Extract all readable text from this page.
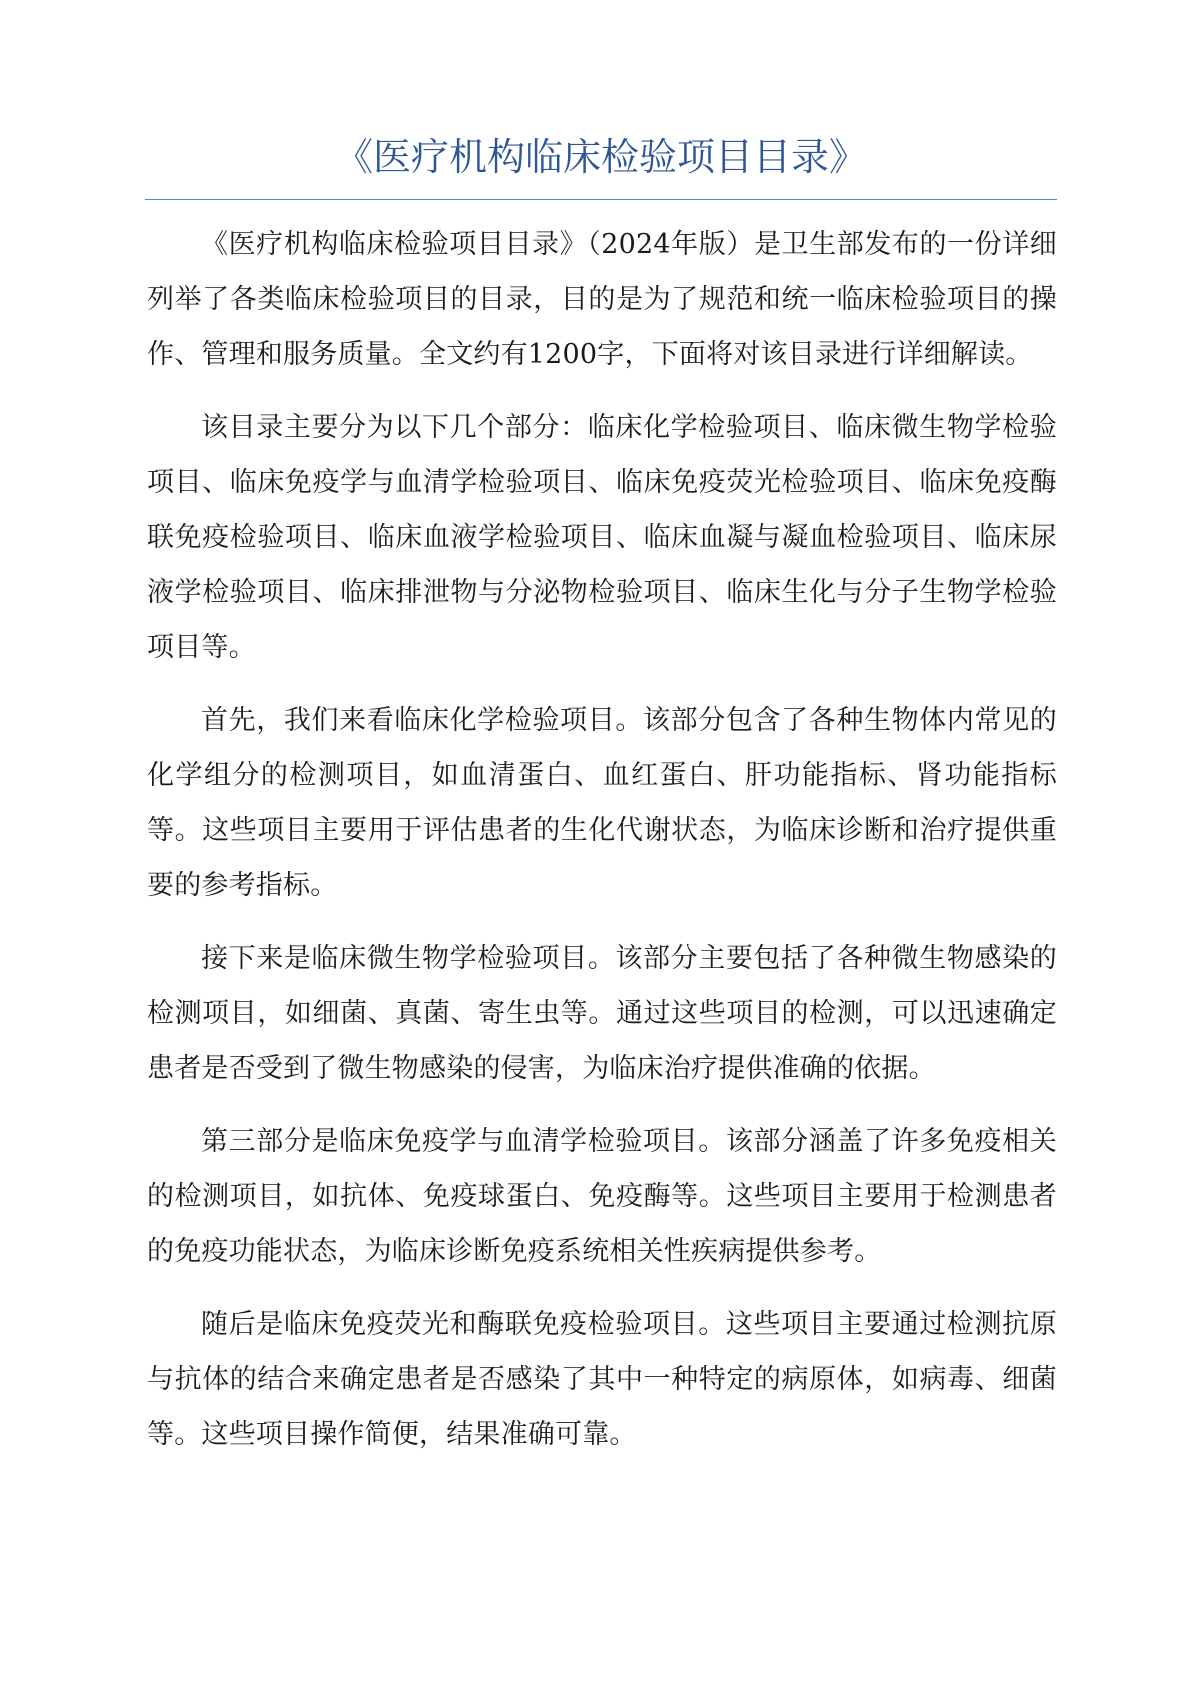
《医疗机构临床检验项目目录》

《医疗机构临床检验项目目录》（2024年版）是卫生部发布的一份详细列举了各类临床检验项目的目录，目的是为了规范和统一临床检验项目的操作、管理和服务质量。全文约有1200字，下面将对该目录进行详细解读。

该目录主要分为以下几个部分：临床化学检验项目、临床微生物学检验项目、临床免疫学与血清学检验项目、临床免疫荧光检验项目、临床免疫酶联免疫检验项目、临床血液学检验项目、临床血凝与凝血检验项目、临床尿液学检验项目、临床排泄物与分泌物检验项目、临床生化与分子生物学检验项目等。

首先，我们来看临床化学检验项目。该部分包含了各种生物体内常见的化学组分的检测项目，如血清蛋白、血红蛋白、肝功能指标、肾功能指标等。这些项目主要用于评估患者的生化代谢状态，为临床诊断和治疗提供重要的参考指标。

接下来是临床微生物学检验项目。该部分主要包括了各种微生物感染的检测项目，如细菌、真菌、寄生虫等。通过这些项目的检测，可以迅速确定患者是否受到了微生物感染的侵害，为临床治疗提供准确的依据。

第三部分是临床免疫学与血清学检验项目。该部分涵盖了许多免疫相关的检测项目，如抗体、免疫球蛋白、免疫酶等。这些项目主要用于检测患者的免疫功能状态，为临床诊断免疫系统相关性疾病提供参考。

随后是临床免疫荧光和酶联免疫检验项目。这些项目主要通过检测抗原与抗体的结合来确定患者是否感染了其中一种特定的病原体，如病毒、细菌等。这些项目操作简便，结果准确可靠。
